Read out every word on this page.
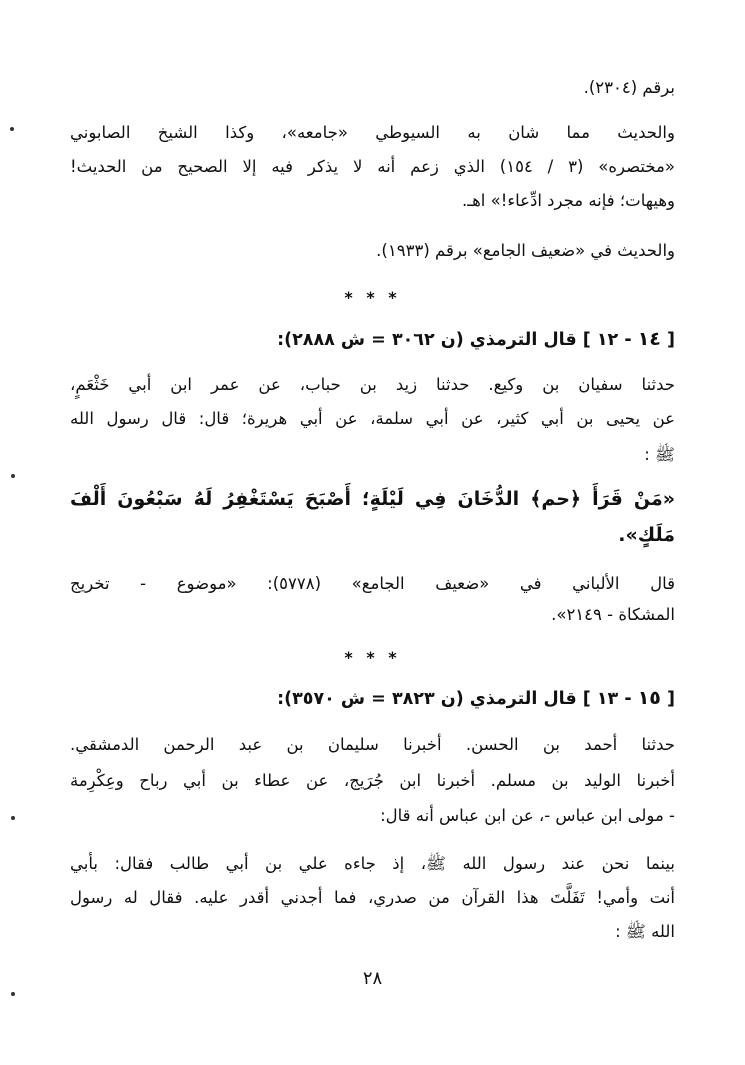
برقم (٢٣٠٤).
والحديث مما شان به السيوطي «جامعه»، وكذا الشيخ الصابوني
«مختصره» (٣ / ١٥٤) الذي زعم أنه لا يذكر فيه إلا الصحيح من الحديث!
وهيهات؛ فإنه مجرد ادِّعاء!» اهـ.
والحديث في «ضعيف الجامع» برقم (١٩٣٣).
* * *
[ ١٤ - ١٢ ] قال الترمذي (ن ٣٠٦٢ = ش ٢٨٨٨):
حدثنا سفيان بن وكيع. حدثنا زيد بن حباب، عن عمر ابن أبي خَثْعَمٍ،
عن يحيى بن أبي كثير، عن أبي سلمة، عن أبي هريرة؛ قال: قال رسول الله
ﷺ :
«مَنْ قَرَأَ ﴿حم﴾ الدُّخَانَ فِي لَيْلَةٍ؛ أَصْبَحَ يَسْتَغْفِرُ لَهُ سَبْعُونَ أَلْفَ
مَلَكٍ».
قال الألباني في «ضعيف الجامع» (٥٧٧٨): «موضوع - تخريج
المشكاة - ٢١٤٩».
* * *
[ ١٥ - ١٣ ] قال الترمذي (ن ٣٨٢٣ = ش ٣٥٧٠):
حدثنا أحمد بن الحسن. أخبرنا سليمان بن عبد الرحمن الدمشقي.
أخبرنا الوليد بن مسلم. أخبرنا ابن جُرَيج، عن عطاء بن أبي رباح وعِكْرِمة
- مولى ابن عباس -، عن ابن عباس أنه قال:
بينما نحن عند رسول الله ﷺ، إذ جاءه علي بن أبي طالب فقال: بأبي
أنت وأمي! تَفَلَّتَ هذا القرآن من صدري، فما أجدني أقدر عليه. فقال له رسول
الله ﷺ :
٢٨
